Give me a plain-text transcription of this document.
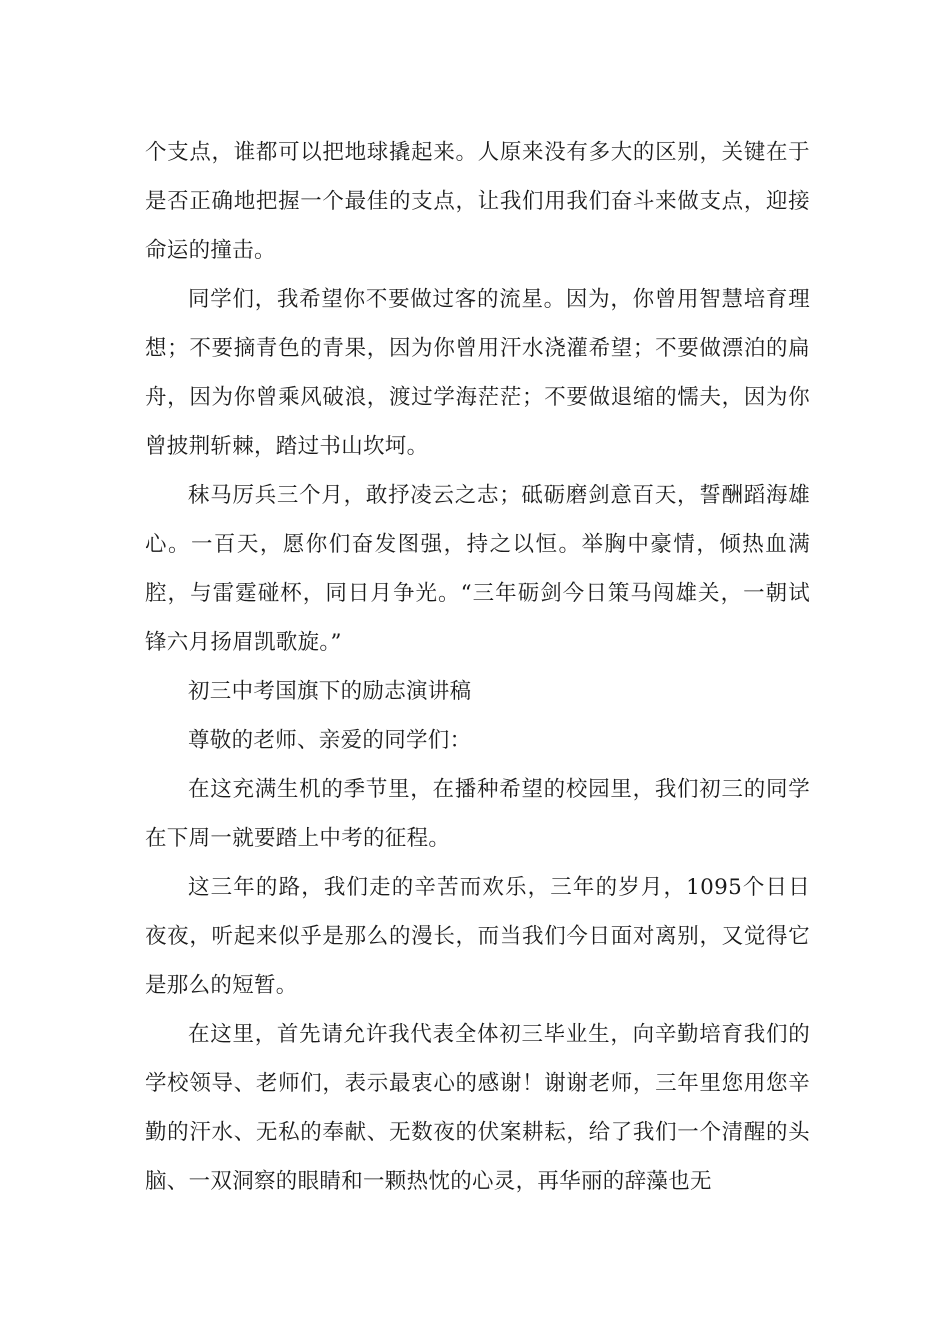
个支点，谁都可以把地球撬起来。人原来没有多大的区别，关键在于是否正确地把握一个最佳的支点，让我们用我们奋斗来做支点，迎接命运的撞击。

同学们，我希望你不要做过客的流星。因为，你曾用智慧培育理想；不要摘青色的青果，因为你曾用汗水浇灌希望；不要做漂泊的扁舟，因为你曾乘风破浪，渡过学海茫茫；不要做退缩的懦夫，因为你曾披荆斩棘，踏过书山坎坷。

秣马厉兵三个月，敢抒凌云之志；砥砺磨剑意百天，誓酬蹈海雄心。一百天，愿你们奋发图强，持之以恒。举胸中豪情，倾热血满腔，与雷霆碰杯，同日月争光。“三年砺剑今日策马闯雄关，一朝试锋六月扬眉凯歌旋。”

初三中考国旗下的励志演讲稿

尊敬的老师、亲爱的同学们：

在这充满生机的季节里，在播种希望的校园里，我们初三的同学在下周一就要踏上中考的征程。

这三年的路，我们走的辛苦而欢乐，三年的岁月，1095个日日夜夜，听起来似乎是那么的漫长，而当我们今日面对离别，又觉得它是那么的短暂。

在这里，首先请允许我代表全体初三毕业生，向辛勤培育我们的学校领导、老师们，表示最衷心的感谢！谢谢老师，三年里您用您辛勤的汗水、无私的奉献、无数夜的伏案耕耘，给了我们一个清醒的头脑、一双洞察的眼睛和一颗热忱的心灵，再华丽的辞藻也无
